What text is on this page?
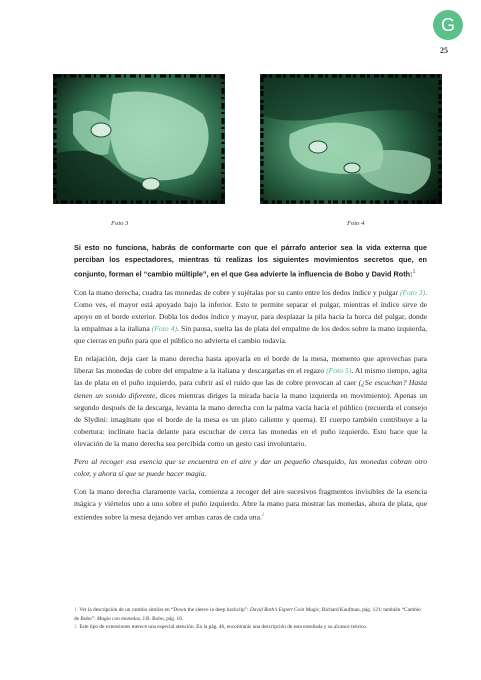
G
25
Foto 3	Foto 4

Si esto no funciona, habrás de conformarte con que el párrafo anterior sea la vida externa que perciban los espectadores, mientras tú realizas los siguientes movimientos secretos que, en conjunto, forman el “cambio múltiple”, en el que Gea advierte la influencia de Bobo y David Roth:$^1$

Con la mano derecha, cuadra las monedas de cobre y sujétalas por su canto entre los dedos índice y pulgar (Foto 3). Como ves, el mayor está apoyado bajo la inferior. Esto te permite separar el pulgar, mientras el índice sirve de apoyo en el borde exterior. Dobla los dedos índice y mayor, para desplazar la pila hacia la horca del pulgar, donde la empalmas a la italiana (Foto 4). Sin pausa, suelta las de plata del empalme de los dedos sobre la mano izquierda, que cierras en puño para que el público no advierta el cambio todavía.

En relajación, deja caer la mano derecha hasta apoyarla en el borde de la mesa, momento que aprovechas para liberar las monedas de cobre del empalme a la italiana y descargarlas en el regazo (Foto 5). Al mismo tiempo, agita las de plata en el puño izquierdo, para cubrir así el ruido que las de cobre provocan al caer (¿Se escuchan? Hasta tienen un sonido diferente, dices mientras diriges la mirada hacia la mano izquierda en movimiento). Apenas un segundo después de la descarga, levanta la mano derecha con la palma vacía hacia el público (recuerda el consejo de Slydini: imagínate que el borde de la mesa es un plato caliente y quema). El cuerpo también contribuye a la cobertura: inclínate hacia delante para escuchar de cerca las monedas en el puño izquierdo. Esto hace que la elevación de la mano derecha sea percibida como un gesto casi involuntario.

Pero al recoger esa esencia que se encuentra en el aire y dar un pequeño chasquido, las monedas cobran otro color, y ahora sí que se puede hacer magia.

Con la mano derecha claramente vacía, comienza a recoger del aire sucesivos fragmentos invisibles de la esencia mágica y viértelos uno a uno sobre el puño izquierdo. Abre la mano para mostrar las monedas, ahora de plata, que extiendes sobre la mesa dejando ver ambas caras de cada una.$^2$

1. Ver la descripción de un cambio similar en “Down the sleeve in deep backclip”: David Roth’s Expert Coin Magic, Richard Kaufman, pág. 121; también “Cambio de Bobo”: Magia con monedas, J.B. Bobo, pág. 16.

2. Este tipo de extensiones merece una especial atención. En la pág. 46, encontrarás una descripción de esta enseñada y su alcance teórico.
